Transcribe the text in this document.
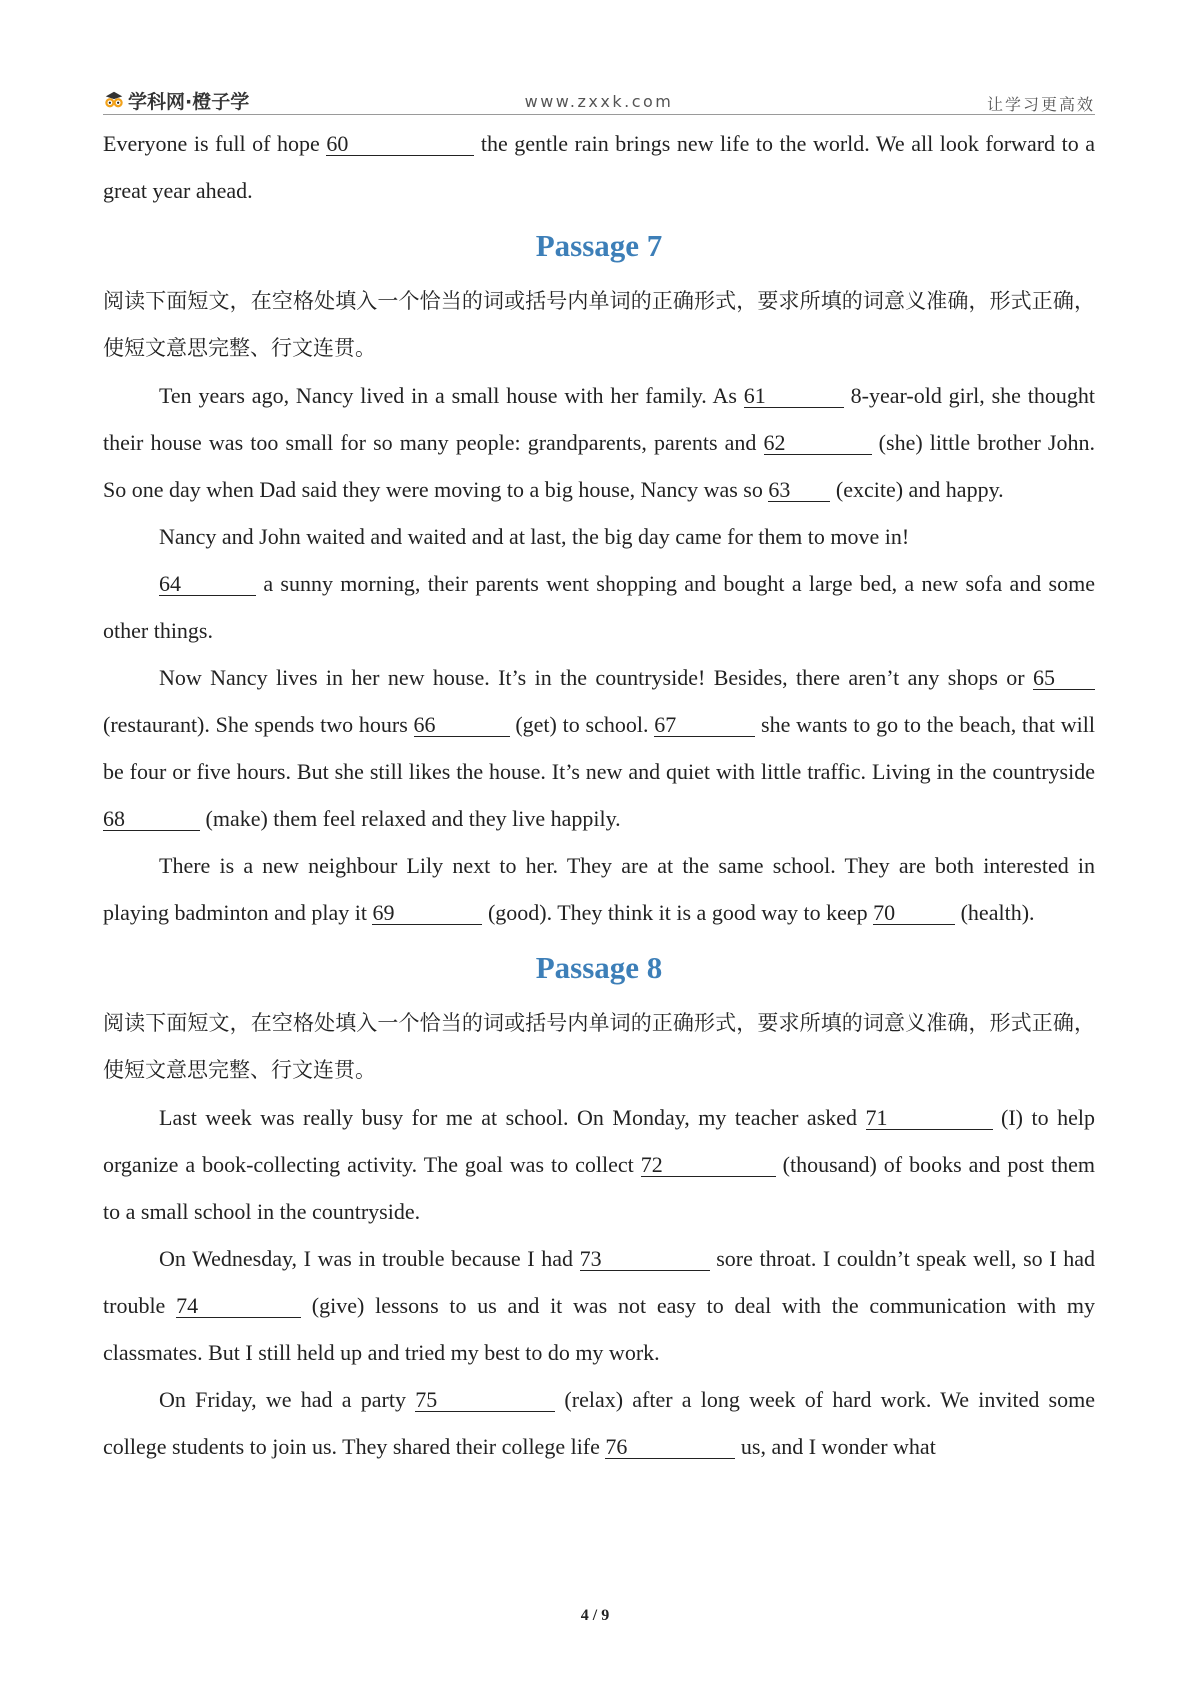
学科网·橙子学	www.zxxk.com	让学习更高效

Everyone is full of hope 60	the gentle rain brings new life to the world. We all look forward to a great year ahead.

Passage 7

阅读下面短文，在空格处填入一个恰当的词或括号内单词的正确形式，要求所填的词意义准确，形式正确，使短文意思完整、行文连贯。

Ten years ago, Nancy lived in a small house with her family. As 61	8-year-old girl, she thought their house was too small for so many people: grandparents, parents and 62	(she) little brother John. So one day when Dad said they were moving to a big house, Nancy was so 63 (excite) and happy.

Nancy and John waited and waited and at last, the big day came for them to move in!

64	a sunny morning, their parents went shopping and bought a large bed, a new sofa and some other things.

Now Nancy lives in her new house. It’s in the countryside! Besides, there aren’t any shops or 65 (restaurant). She spends two hours 66	(get) to school. 67	she wants to go to the beach, that will be four or five hours. But she still likes the house. It’s new and quiet with little traffic. Living in the countryside 68	(make) them feel relaxed and they live happily.

There is a new neighbour Lily next to her. They are at the same school. They are both interested in playing badminton and play it 69	(good). They think it is a good way to keep 70	(health).

Passage 8

阅读下面短文，在空格处填入一个恰当的词或括号内单词的正确形式，要求所填的词意义准确，形式正确，使短文意思完整、行文连贯。

Last week was really busy for me at school. On Monday, my teacher asked 71	(I) to help organize a book-collecting activity. The goal was to collect 72	(thousand) of books and post them to a small school in the countryside.

On Wednesday, I was in trouble because I had 73	sore throat. I couldn’t speak well, so I had trouble 74	(give) lessons to us and it was not easy to deal with the communication with my classmates. But I still held up and tried my best to do my work.

On Friday, we had a party 75	(relax) after a long week of hard work. We invited some college students to join us. They shared their college life 76	us, and I wonder what

4 / 9
